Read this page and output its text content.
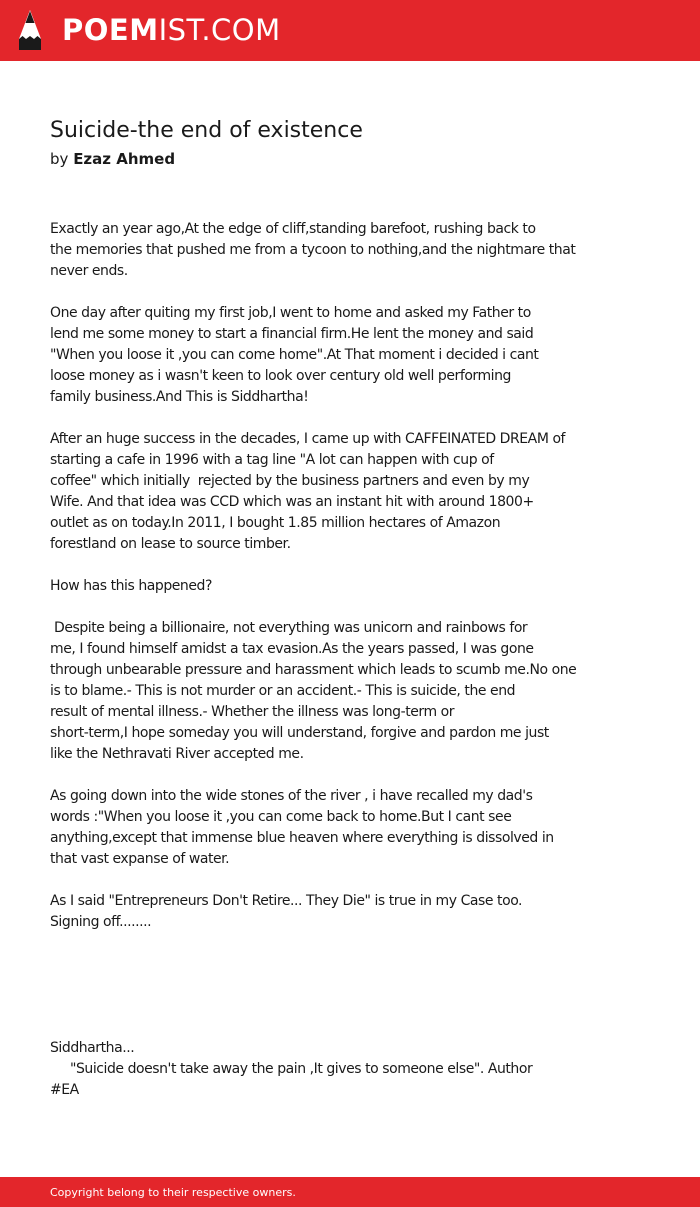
POEMIST.COM
Suicide-the end of existence
by Ezaz Ahmed
Exactly an year ago,At the edge of cliff,standing barefoot, rushing back to
the memories that pushed me from a tycoon to nothing,and the nightmare that
never ends.
One day after quiting my first job,I went to home and asked my Father to
lend me some money to start a financial firm.He lent the money and said
"When you loose it ,you can come home".At That moment i decided i cant
loose money as i wasn't keen to look over century old well performing
family business.And This is Siddhartha!
After an huge success in the decades, I came up with CAFFEINATED DREAM of
starting a cafe in 1996 with a tag line "A lot can happen with cup of
coffee" which initially  rejected by the business partners and even by my
Wife. And that idea was CCD which was an instant hit with around 1800+
outlet as on today.In 2011, I bought 1.85 million hectares of Amazon
forestland on lease to source timber.
How has this happened?
Despite being a billionaire, not everything was unicorn and rainbows for
me, I found himself amidst a tax evasion.As the years passed, I was gone
through unbearable pressure and harassment which leads to scumb me.No one
is to blame.- This is not murder or an accident.- This is suicide, the end
result of mental illness.- Whether the illness was long-term or
short-term,I hope someday you will understand, forgive and pardon me just
like the Nethravati River accepted me.
As going down into the wide stones of the river , i have recalled my dad's
words :"When you loose it ,you can come back to home.But I cant see
anything,except that immense blue heaven where everything is dissolved in
that vast expanse of water.
As I said "Entrepreneurs Don't Retire... They Die" is true in my Case too.
Signing off........
Siddhartha...
"Suicide doesn't take away the pain ,It gives to someone else". Author
#EA
Copyright belong to their respective owners.
